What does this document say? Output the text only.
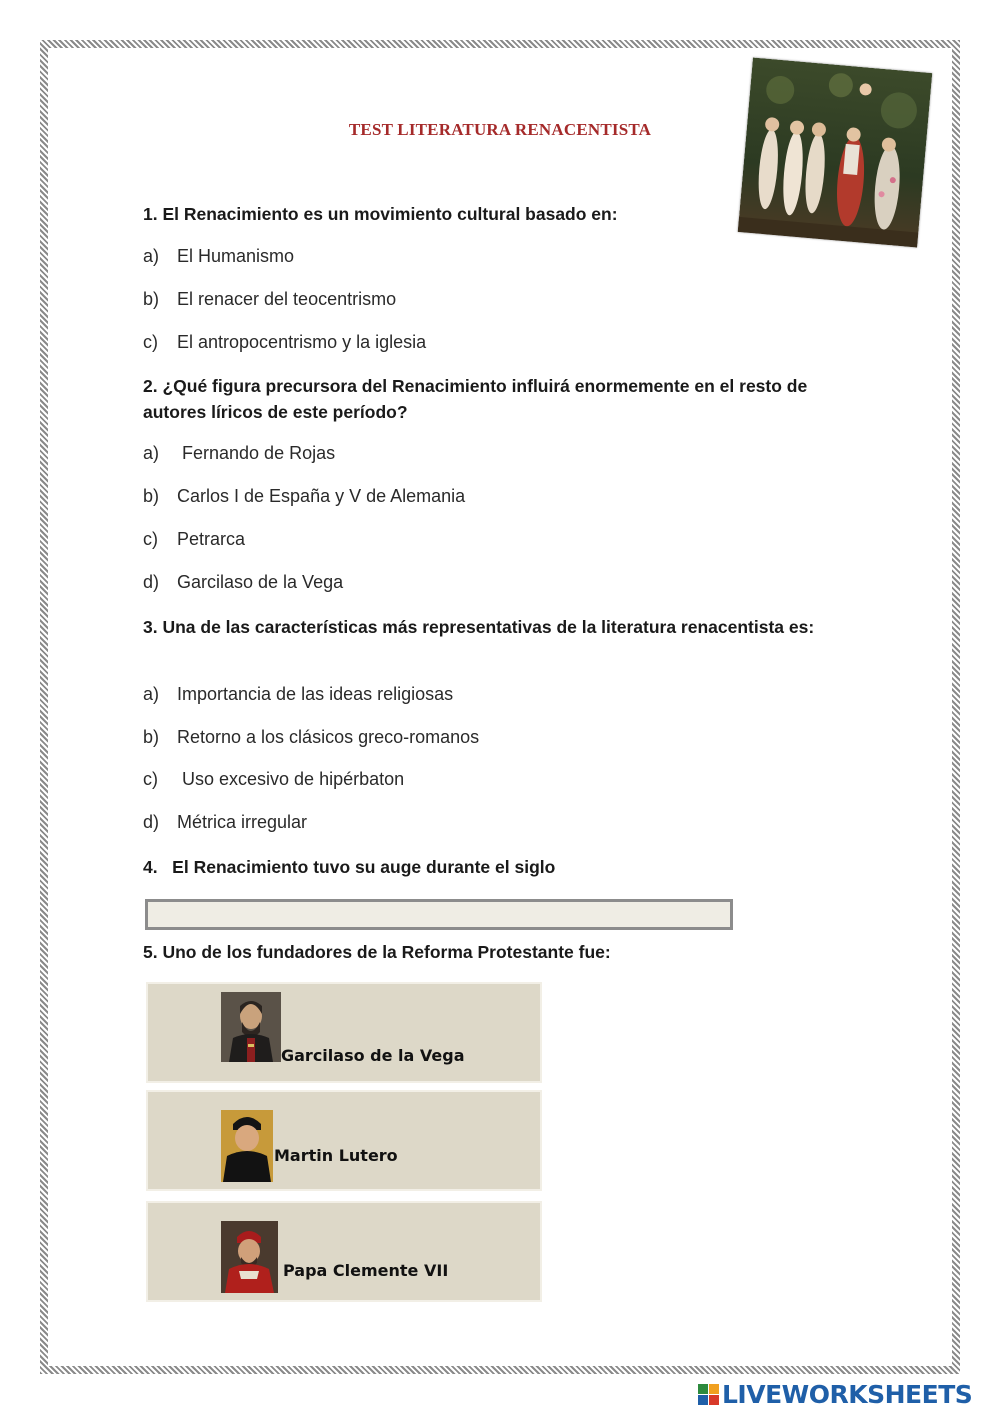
TEST LITERATURA RENACENTISTA
1. El Renacimiento es un movimiento cultural basado en:
a) El Humanismo
b) El renacer del teocentrismo
c) El antropocentrismo y la iglesia
2. ¿Qué figura precursora del Renacimiento influirá enormemente en el resto de autores líricos de este período?
a) Fernando de Rojas
b) Carlos I de España y V de Alemania
c) Petrarca
d) Garcilaso de la Vega
3. Una de las características más representativas de la literatura renacentista es:
a) Importancia de las ideas religiosas
b) Retorno a los clásicos greco-romanos
c) Uso excesivo de hipérbaton
d) Métrica irregular
4.   El Renacimiento tuvo su auge durante el siglo
5. Uno de los fundadores de la Reforma Protestante fue:
Garcilaso de la Vega
Martin Lutero
Papa Clemente VII
LIVEWORKSHEETS
